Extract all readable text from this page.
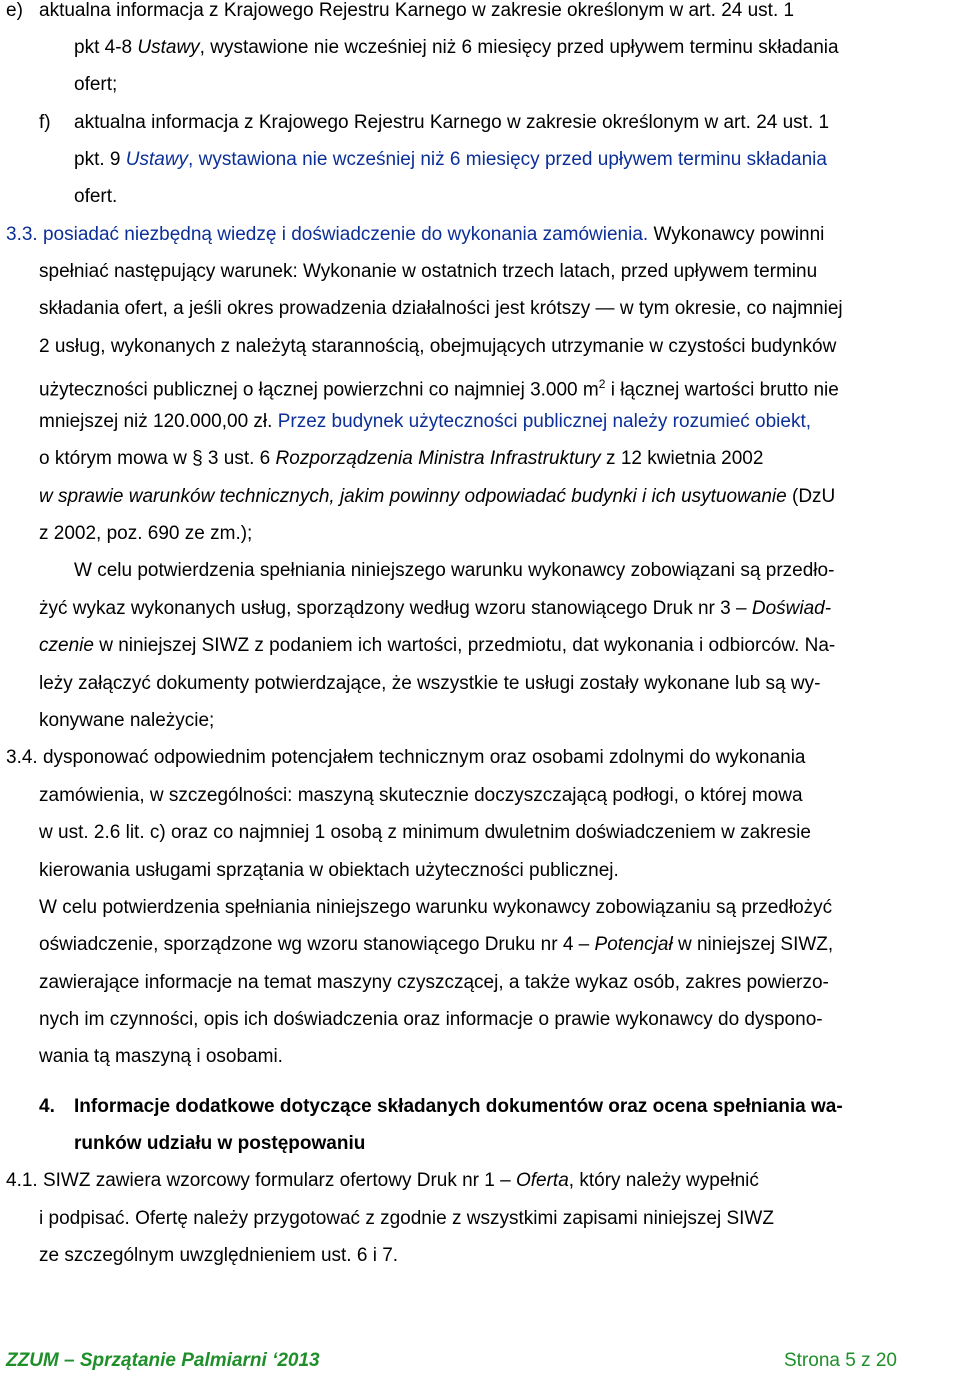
e) aktualna informacja z Krajowego Rejestru Karnego w zakresie określonym w art. 24 ust. 1
pkt 4-8 Ustawy, wystawione nie wcześniej niż 6 miesięcy przed upływem terminu składania
ofert;
f) aktualna informacja z Krajowego Rejestru Karnego w zakresie określonym w art. 24 ust. 1
pkt. 9 Ustawy, wystawiona nie wcześniej niż 6 miesięcy przed upływem terminu składania
ofert.
3.3. posiadać niezbędną wiedzę i doświadczenie do wykonania zamówienia. Wykonawcy powinni
spełniać następujący warunek: Wykonanie w ostatnich trzech latach, przed upływem terminu
składania ofert, a jeśli okres prowadzenia działalności jest krótszy — w tym okresie, co najmniej
2 usług, wykonanych z należytą starannością, obejmujących utrzymanie w czystości budynków
użyteczności publicznej o łącznej powierzchni co najmniej 3.000 $m^2$ i łącznej wartości brutto nie
mniejszej niż 120.000,00 zł. Przez budynek użyteczności publicznej należy rozumieć obiekt,
o którym mowa w § 3 ust. 6 Rozporządzenia Ministra Infrastruktury z 12 kwietnia 2002
w sprawie warunków technicznych, jakim powinny odpowiadać budynki i ich usytuowanie (DzU
z 2002, poz. 690 ze zm.);
W celu potwierdzenia spełniania niniejszego warunku wykonawcy zobowiązani są przedło-
żyć wykaz wykonanych usług, sporządzony według wzoru stanowiącego Druk nr 3 – Doświad-
czenie w niniejszej SIWZ z podaniem ich wartości, przedmiotu, dat wykonania i odbiorców. Na-
leży załączyć dokumenty potwierdzające, że wszystkie te usługi zostały wykonane lub są wy-
konywane należycie;
3.4. dysponować odpowiednim potencjałem technicznym oraz osobami zdolnymi do wykonania
zamówienia, w szczególności: maszyną skutecznie doczyszczającą podłogi, o której mowa
w ust. 2.6 lit. c) oraz co najmniej 1 osobą z minimum dwuletnim doświadczeniem w zakresie
kierowania usługami sprzątania w obiektach użyteczności publicznej.
W celu potwierdzenia spełniania niniejszego warunku wykonawcy zobowiązaniu są przedłożyć
oświadczenie, sporządzone wg wzoru stanowiącego Druku nr 4 – Potencjał w niniejszej SIWZ,
zawierające informacje na temat maszyny czyszczącej, a także wykaz osób, zakres powierzo-
nych im czynności, opis ich doświadczenia oraz informacje o prawie wykonawcy do dyspono-
wania tą maszyną i osobami.
4. Informacje dodatkowe dotyczące składanych dokumentów oraz ocena spełniania wa-
runków udziału w postępowaniu
4.1. SIWZ zawiera wzorcowy formularz ofertowy Druk nr 1 – Oferta, który należy wypełnić
i podpisać. Ofertę należy przygotować z zgodnie z wszystkimi zapisami niniejszej SIWZ
ze szczególnym uwzględnieniem ust. 6 i 7.
ZZUM – Sprzątanie Palmiarni ‘2013	Strona 5 z 20
